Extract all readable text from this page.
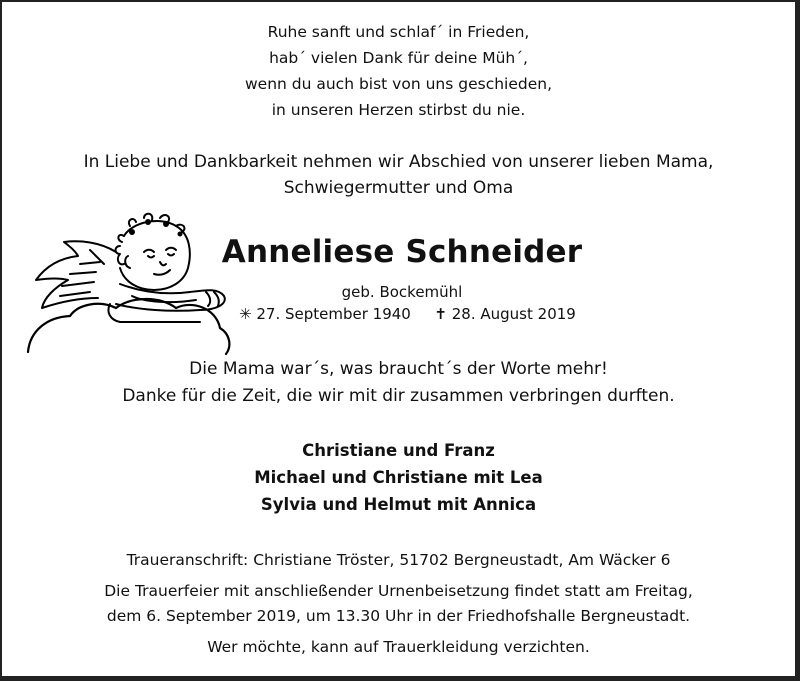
Ruhe sanft und schlaf´ in Frieden,
hab´ vielen Dank für deine Müh´,
wenn du auch bist von uns geschieden,
in unseren Herzen stirbst du nie.
In Liebe und Dankbarkeit nehmen wir Abschied von unserer lieben Mama,
Schwiegermutter und Oma
Anneliese Schneider
geb. Bockemühl
✳ 27. September 1940 ✝ 28. August 2019
Die Mama war´s, was braucht´s der Worte mehr!
Danke für die Zeit, die wir mit dir zusammen verbringen durften.
Christiane und Franz
Michael und Christiane mit Lea
Sylvia und Helmut mit Annica
Traueranschrift: Christiane Tröster, 51702 Bergneustadt, Am Wäcker 6
Die Trauerfeier mit anschließender Urnenbeisetzung findet statt am Freitag,
dem 6. September 2019, um 13.30 Uhr in der Friedhofshalle Bergneustadt.
Wer möchte, kann auf Trauerkleidung verzichten.
